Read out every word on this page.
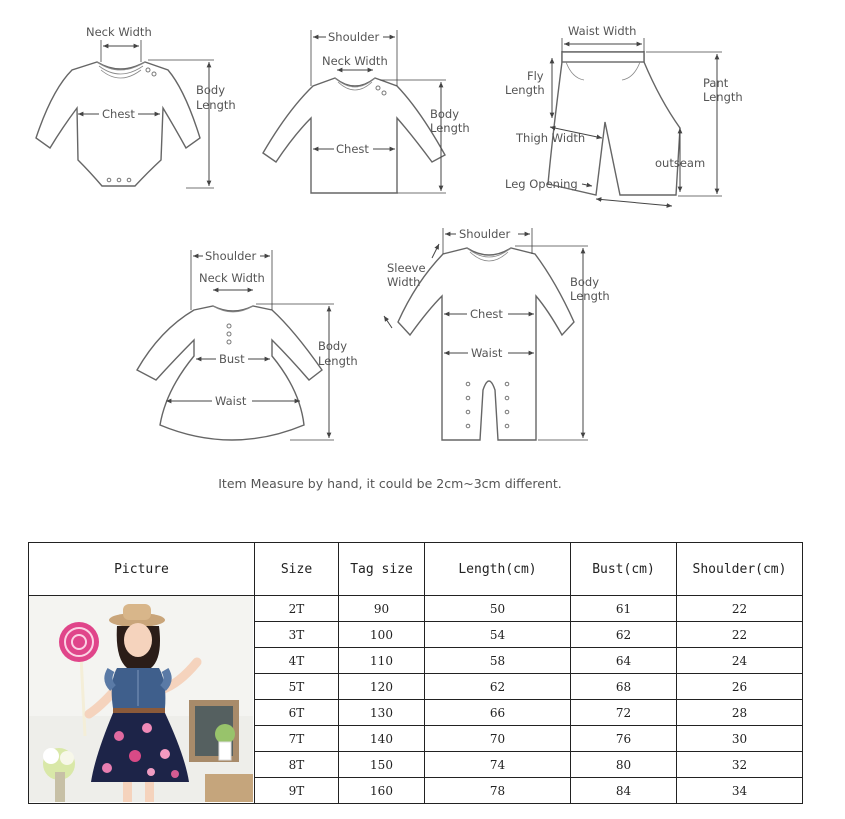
Neck Width
Chest
Body
Length
Shoulder
Neck Width
Chest
Body
Length
Waist Width
Fly
Length	Pant
Length
Thigh Width
outseam
Leg Opening
Shoulder
Neck Width
Bust
Waist
Body
Length
Shoulder
Sleeve
Width
Chest
Waist
Body
Length
Item Measure by hand, it could be 2cm~3cm different.
Picture	Size	Tag size	Length(cm)	Bust(cm)	Shoulder(cm)

	2T	90	50	61	22
	3T	100	54	62	22
	4T	110	58	64	24
	5T	120	62	68	26
	6T	130	66	72	28
	7T	140	70	76	30
	8T	150	74	80	32
	9T	160	78	84	34
